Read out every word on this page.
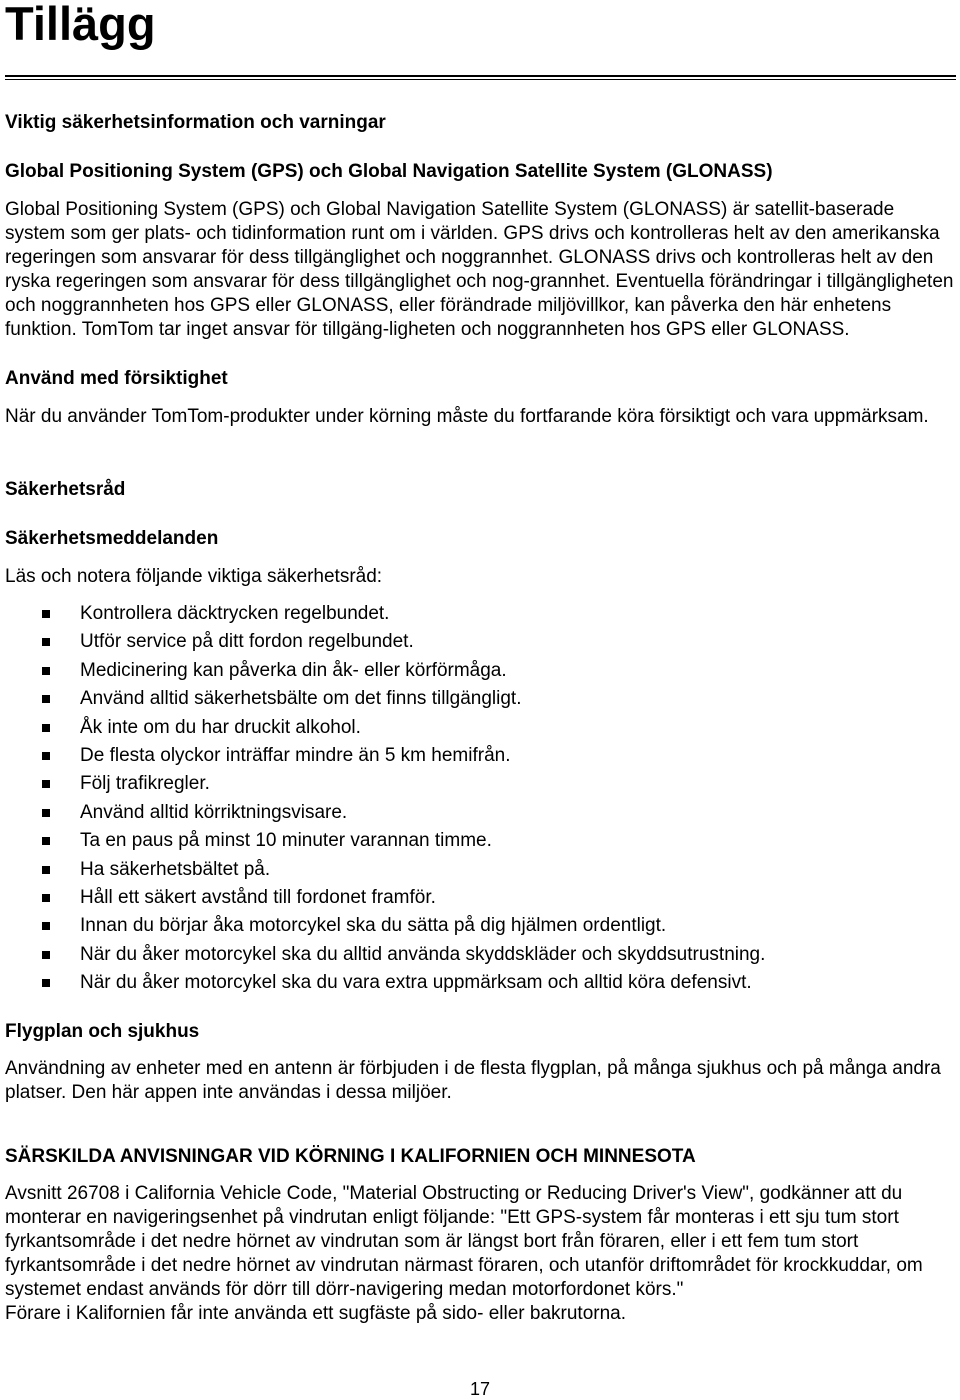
Tillägg
Viktig säkerhetsinformation och varningar
Global Positioning System (GPS) och Global Navigation Satellite System (GLONASS)
Global Positioning System (GPS) och Global Navigation Satellite System (GLONASS) är satellit-baserade system som ger plats- och tidinformation runt om i världen. GPS drivs och kontrolleras helt av den amerikanska regeringen som ansvarar för dess tillgänglighet och noggrannhet. GLONASS drivs och kontrolleras helt av den ryska regeringen som ansvarar för dess tillgänglighet och nog-grannhet. Eventuella förändringar i tillgängligheten och noggrannheten hos GPS eller GLONASS, eller förändrade miljövillkor, kan påverka den här enhetens funktion. TomTom tar inget ansvar för tillgäng-ligheten och noggrannheten hos GPS eller GLONASS.
Använd med försiktighet
När du använder TomTom-produkter under körning måste du fortfarande köra försiktigt och vara uppmärksam.
Säkerhetsråd
Säkerhetsmeddelanden
Läs och notera följande viktiga säkerhetsråd:
Kontrollera däcktrycken regelbundet.
Utför service på ditt fordon regelbundet.
Medicinering kan påverka din åk- eller körförmåga.
Använd alltid säkerhetsbälte om det finns tillgängligt.
Åk inte om du har druckit alkohol.
De flesta olyckor inträffar mindre än 5 km hemifrån.
Följ trafikregler.
Använd alltid körriktningsvisare.
Ta en paus på minst 10 minuter varannan timme.
Ha säkerhetsbältet på.
Håll ett säkert avstånd till fordonet framför.
Innan du börjar åka motorcykel ska du sätta på dig hjälmen ordentligt.
När du åker motorcykel ska du alltid använda skyddskläder och skyddsutrustning.
När du åker motorcykel ska du vara extra uppmärksam och alltid köra defensivt.
Flygplan och sjukhus
Användning av enheter med en antenn är förbjuden i de flesta flygplan, på många sjukhus och på många andra platser. Den här appen inte användas i dessa miljöer.
SÄRSKILDA ANVISNINGAR VID KÖRNING I KALIFORNIEN OCH MINNESOTA
Avsnitt 26708 i California Vehicle Code, "Material Obstructing or Reducing Driver's View", godkänner att du monterar en navigeringsenhet på vindrutan enligt följande: "Ett GPS-system får monteras i ett sju tum stort fyrkantsområde i det nedre hörnet av vindrutan som är längst bort från föraren, eller i ett fem tum stort fyrkantsområde i det nedre hörnet av vindrutan närmast föraren, och utanför driftområdet för krockkuddar, om systemet endast används för dörr till dörr-navigering medan motorfordonet körs."
Förare i Kalifornien får inte använda ett sugfäste på sido- eller bakrutorna.
17
